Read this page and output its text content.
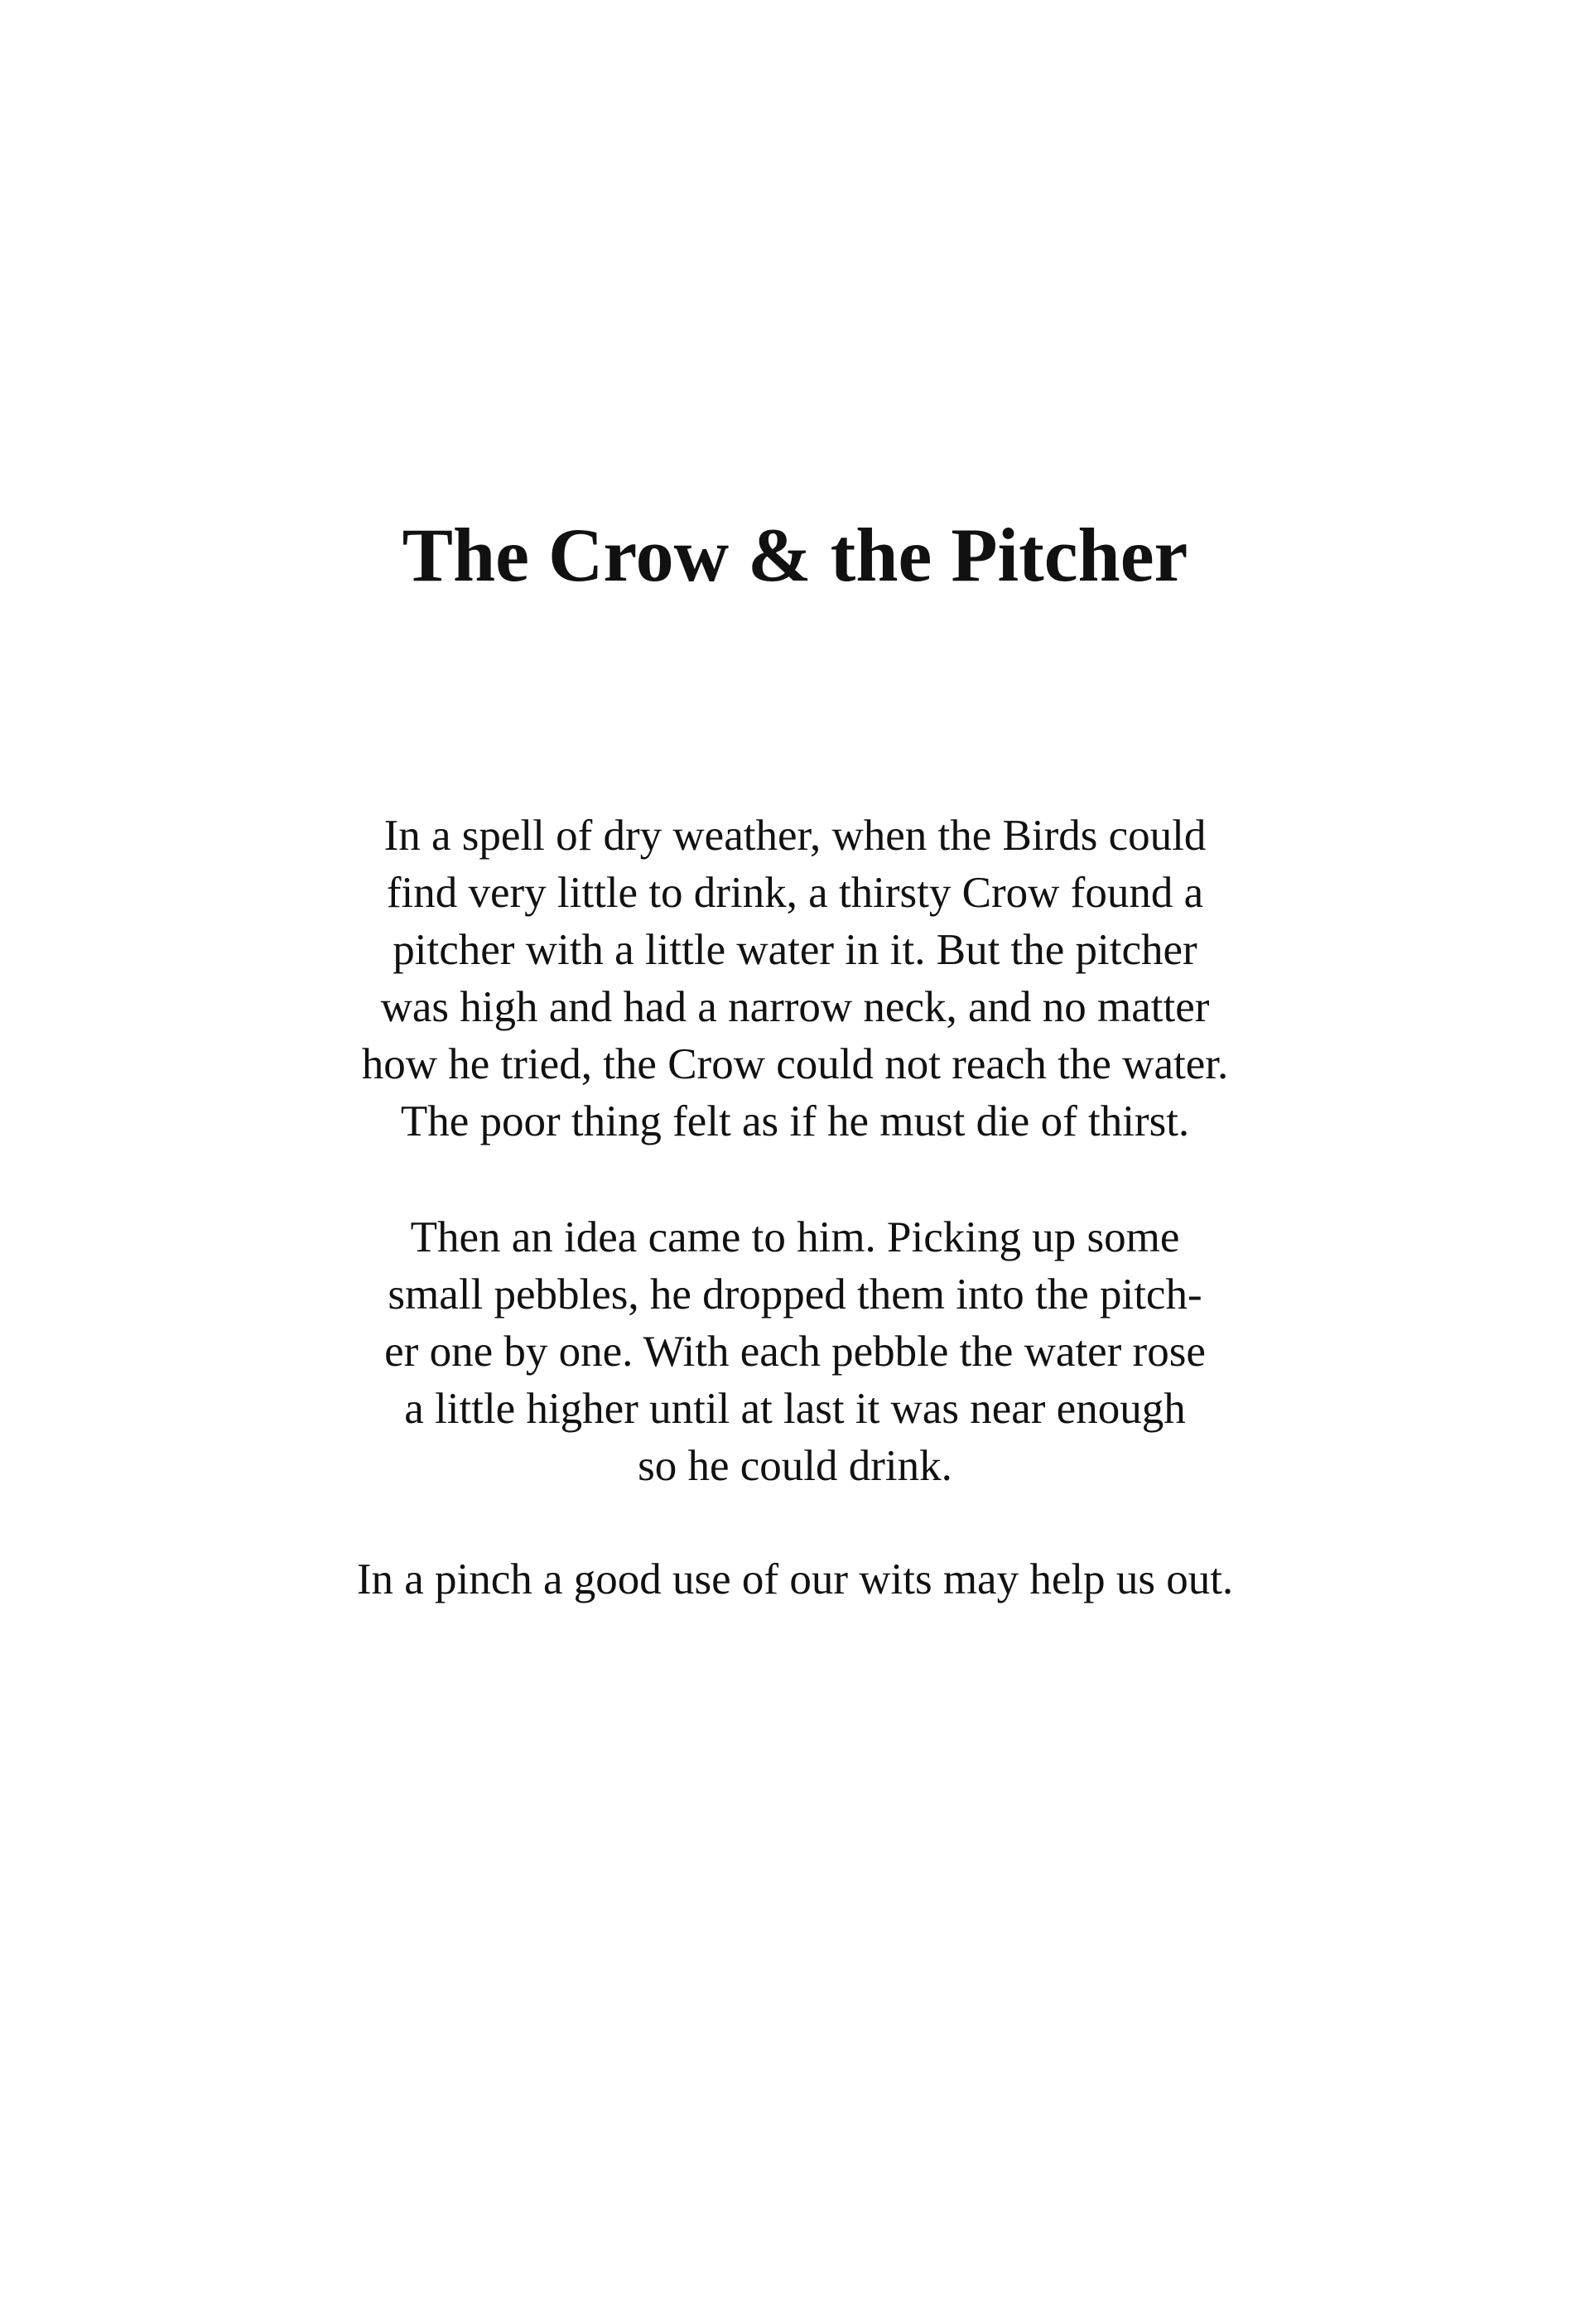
The Crow & the Pitcher
In a spell of dry weather, when the Birds could
find very little to drink, a thirsty Crow found a
pitcher with a little water in it. But the pitcher
was high and had a narrow neck, and no matter
how he tried, the Crow could not reach the water.
The poor thing felt as if he must die of thirst.
Then an idea came to him. Picking up some
small pebbles, he dropped them into the pitch-
er one by one. With each pebble the water rose
a little higher until at last it was near enough
so he could drink.
In a pinch a good use of our wits may help us out.
